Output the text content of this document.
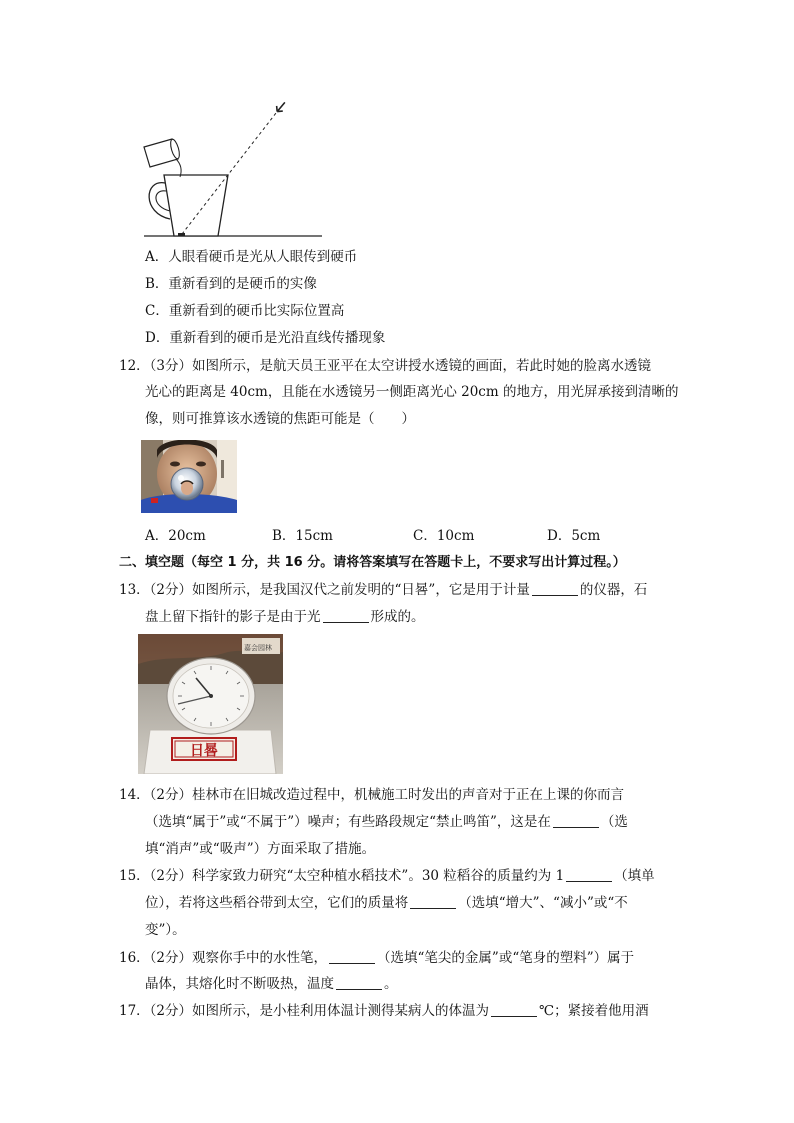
A．人眼看硬币是光从人眼传到硬币
B．重新看到的是硬币的实像
C．重新看到的硬币比实际位置高
D．重新看到的硬币是光沿直线传播现象
12．（3分）如图所示，是航天员王亚平在太空讲授水透镜的画面，若此时她的脸离水透镜
光心的距离是 40cm，且能在水透镜另一侧距离光心 20cm 的地方，用光屏承接到清晰的
像，则可推算该水透镜的焦距可能是（　　）
A．20cm	B．15cm	C．10cm	D．5cm
二、填空题（每空 1 分，共 16 分。请将答案填写在答题卡上，不要求写出计算过程。）
13．（2分）如图所示，是我国汉代之前发明的“日晷”，它是用于计量	的仪器，石
盘上留下指针的影子是由于光	形成的。
嘉会园林
日晷
14．（2分）桂林市在旧城改造过程中，机械施工时发出的声音对于正在上课的你而言
（选填“属于”或“不属于”）噪声；有些路段规定“禁止鸣笛”，这是在	（选
填“消声”或“吸声”）方面采取了措施。
15．（2分）科学家致力研究“太空种植水稻技术”。30 粒稻谷的质量约为 1	（填单
位），若将这些稻谷带到太空，它们的质量将	（选填“增大”、“减小”或“不
变”）。
16．（2分）观察你手中的水性笔，	（选填“笔尖的金属”或“笔身的塑料”）属于
晶体，其熔化时不断吸热，温度	。
17．（2分）如图所示，是小桂利用体温计测得某病人的体温为	℃；紧接着他用酒
